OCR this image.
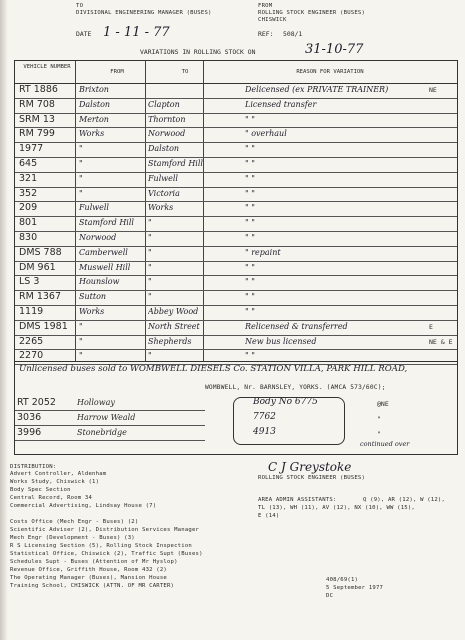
TO
DIVISIONAL ENGINEERING MANAGER (BUSES)
FROM
ROLLING STOCK ENGINEER (BUSES)
CHISWICK
DATE 1 - 11 - 77	REF: 508/1
VARIATIONS IN ROLLING STOCK ON	31-10-77
VEHICLE NUMBER
FROM	TO	REASON FOR VARIATION
RT 1886	Brixton	Delicensed (ex PRIVATE TRAINER)	NE
RM 708	Dalston	Clapton	Licensed transfer
SRM 13	Merton	Thornton	" "
RM 799	Works	Norwood	" overhaul
1977	"	Dalston	" "
645	"	Stamford Hill	" "
321	"	Fulwell	" "
352	"	Victoria	" "
209	Fulwell	Works	" "
801	Stamford Hill	"	" "
830	Norwood	"	" "
DMS 788	Camberwell	"	" repaint
DM 961	Muswell Hill	"	" "
LS 3	Hounslow	"	" "
RM 1367	Sutton	"	" "
1119	Works	Abbey Wood	" "
DMS 1981	"	North Street	Relicensed & transferred	E
2265	"	Shepherds	New bus licensed	NE & E
2270	"	"	" "
Unlicensed buses sold to WOMBWELL DIESELS Co. STATION VILLA, PARK HILL ROAD,
WOMBWELL, Nr. BARNSLEY, YORKS. (AMCA 573/60C);
RT 2052	Holloway	Body No 6775	@NE
3036	Harrow Weald	7762	"
3996	Stonebridge	4913	"
continued over
DISTRIBUTION:
Advert Controller, Aldenham
Works Study, Chiswick (1)
Body Spec Section
Central Record, Room 34
Commercial Advertising, Lindsay House (7)
Costs Office (Mech Engr - Buses) (2)
Scientific Adviser (2), Distribution Services Manager
Mech Engr (Development - Buses) (3)
R S Licensing Section (5), Rolling Stock Inspection
Statistical Office, Chiswick (2), Traffic Supt (Buses)
Schedules Supt - Buses (Attention of Mr Hyslop)
Revenue Office, Griffith House, Room 432 (2)
The Operating Manager (Buses), Mansion House
Training School, CHISWICK (ATTN. OF MR CARTER)
C J Greystoke
ROLLING STOCK ENGINEER (BUSES)
AREA ADMIN ASSISTANTS:	Q (9), AR (12), W (12),
TL (13), WH (11), AV (12), NX (10), WW (15),
E (14)
408/69(1)
5 September 1977
DC
